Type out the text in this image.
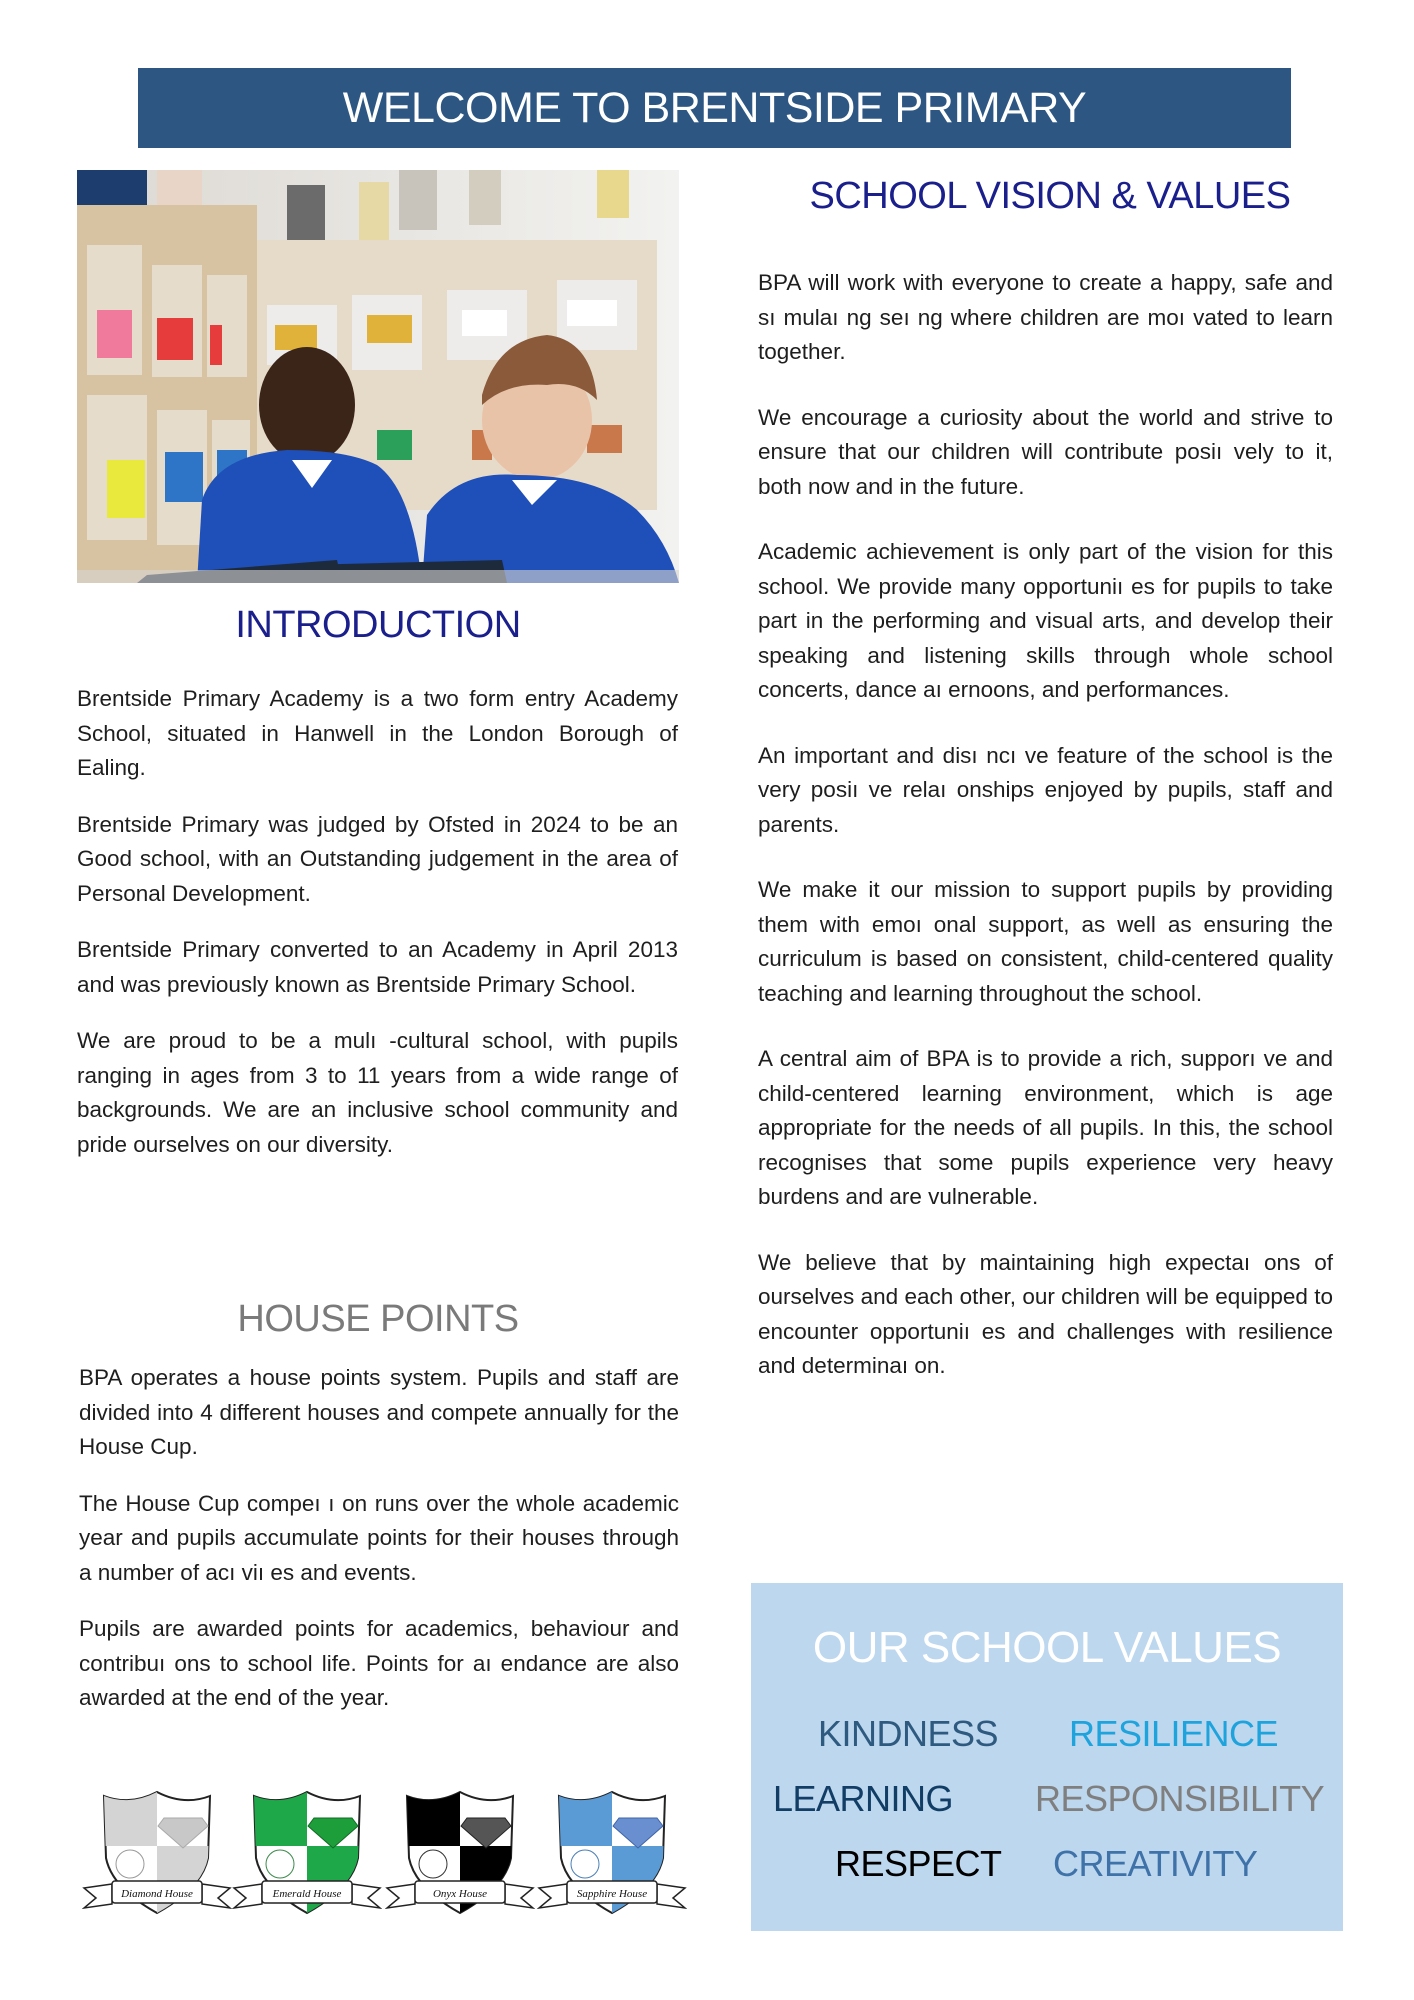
WELCOME TO BRENTSIDE PRIMARY
SCHOOL VISION & VALUES

BPA will work with everyone to create a happy, safe and sı mulaı ng seı ng where children are moı vated to learn together.

We encourage a curiosity about the world and strive to ensure that our children will contribute posiı vely to it, both now and in the future.

Academic achievement is only part of the vision for this school. We provide many opportuniı es for pupils to take part in the performing and visual arts, and develop their speaking and listening skills through whole school concerts, dance aı ernoons, and performances.

An important and disı ncı ve feature of the school is the very posiı ve relaı onships enjoyed by pupils, staff and parents.

We make it our mission to support pupils by providing them with emoı onal support, as well as ensuring the curriculum is based on consistent, child-centered quality teaching and learning throughout the school.

A central aim of BPA is to provide a rich, supporı ve and child-centered learning environment, which is age appropriate for the needs of all pupils. In this, the school recognises that some pupils experience very heavy burdens and are vulnerable.

We believe that by maintaining high expectaı ons of ourselves and each other, our children will be equipped to encounter opportuniı es and challenges with resilience and determinaı on.

INTRODUCTION

Brentside Primary Academy is a two form entry Academy School, situated in Hanwell in the London Borough of Ealing.

Brentside Primary was judged by Ofsted in 2024 to be an Good school, with an Outstanding judgement in the area of Personal Development.

Brentside Primary converted to an Academy in April 2013 and was previously known as Brentside Primary School.

We are proud to be a mulı -cultural school, with pupils ranging in ages from 3 to 11 years from a wide range of backgrounds. We are an inclusive school community and pride ourselves on our diversity.

HOUSE POINTS

BPA operates a house points system. Pupils and staff are divided into 4 different houses and compete annually for the House Cup.

The House Cup compeı ı on runs over the whole academic year and pupils accumulate points for their houses through a number of acı viı es and events.

Pupils are awarded points for academics, behaviour and contribuı ons to school life. Points for aı endance are also awarded at the end of the year.

Diamond House	Emerald House	Onyx House	Sapphire House
OUR SCHOOL VALUES
KINDNESS RESILIENCE
LEARNING RESPONSIBILITY
RESPECT CREATIVITY
